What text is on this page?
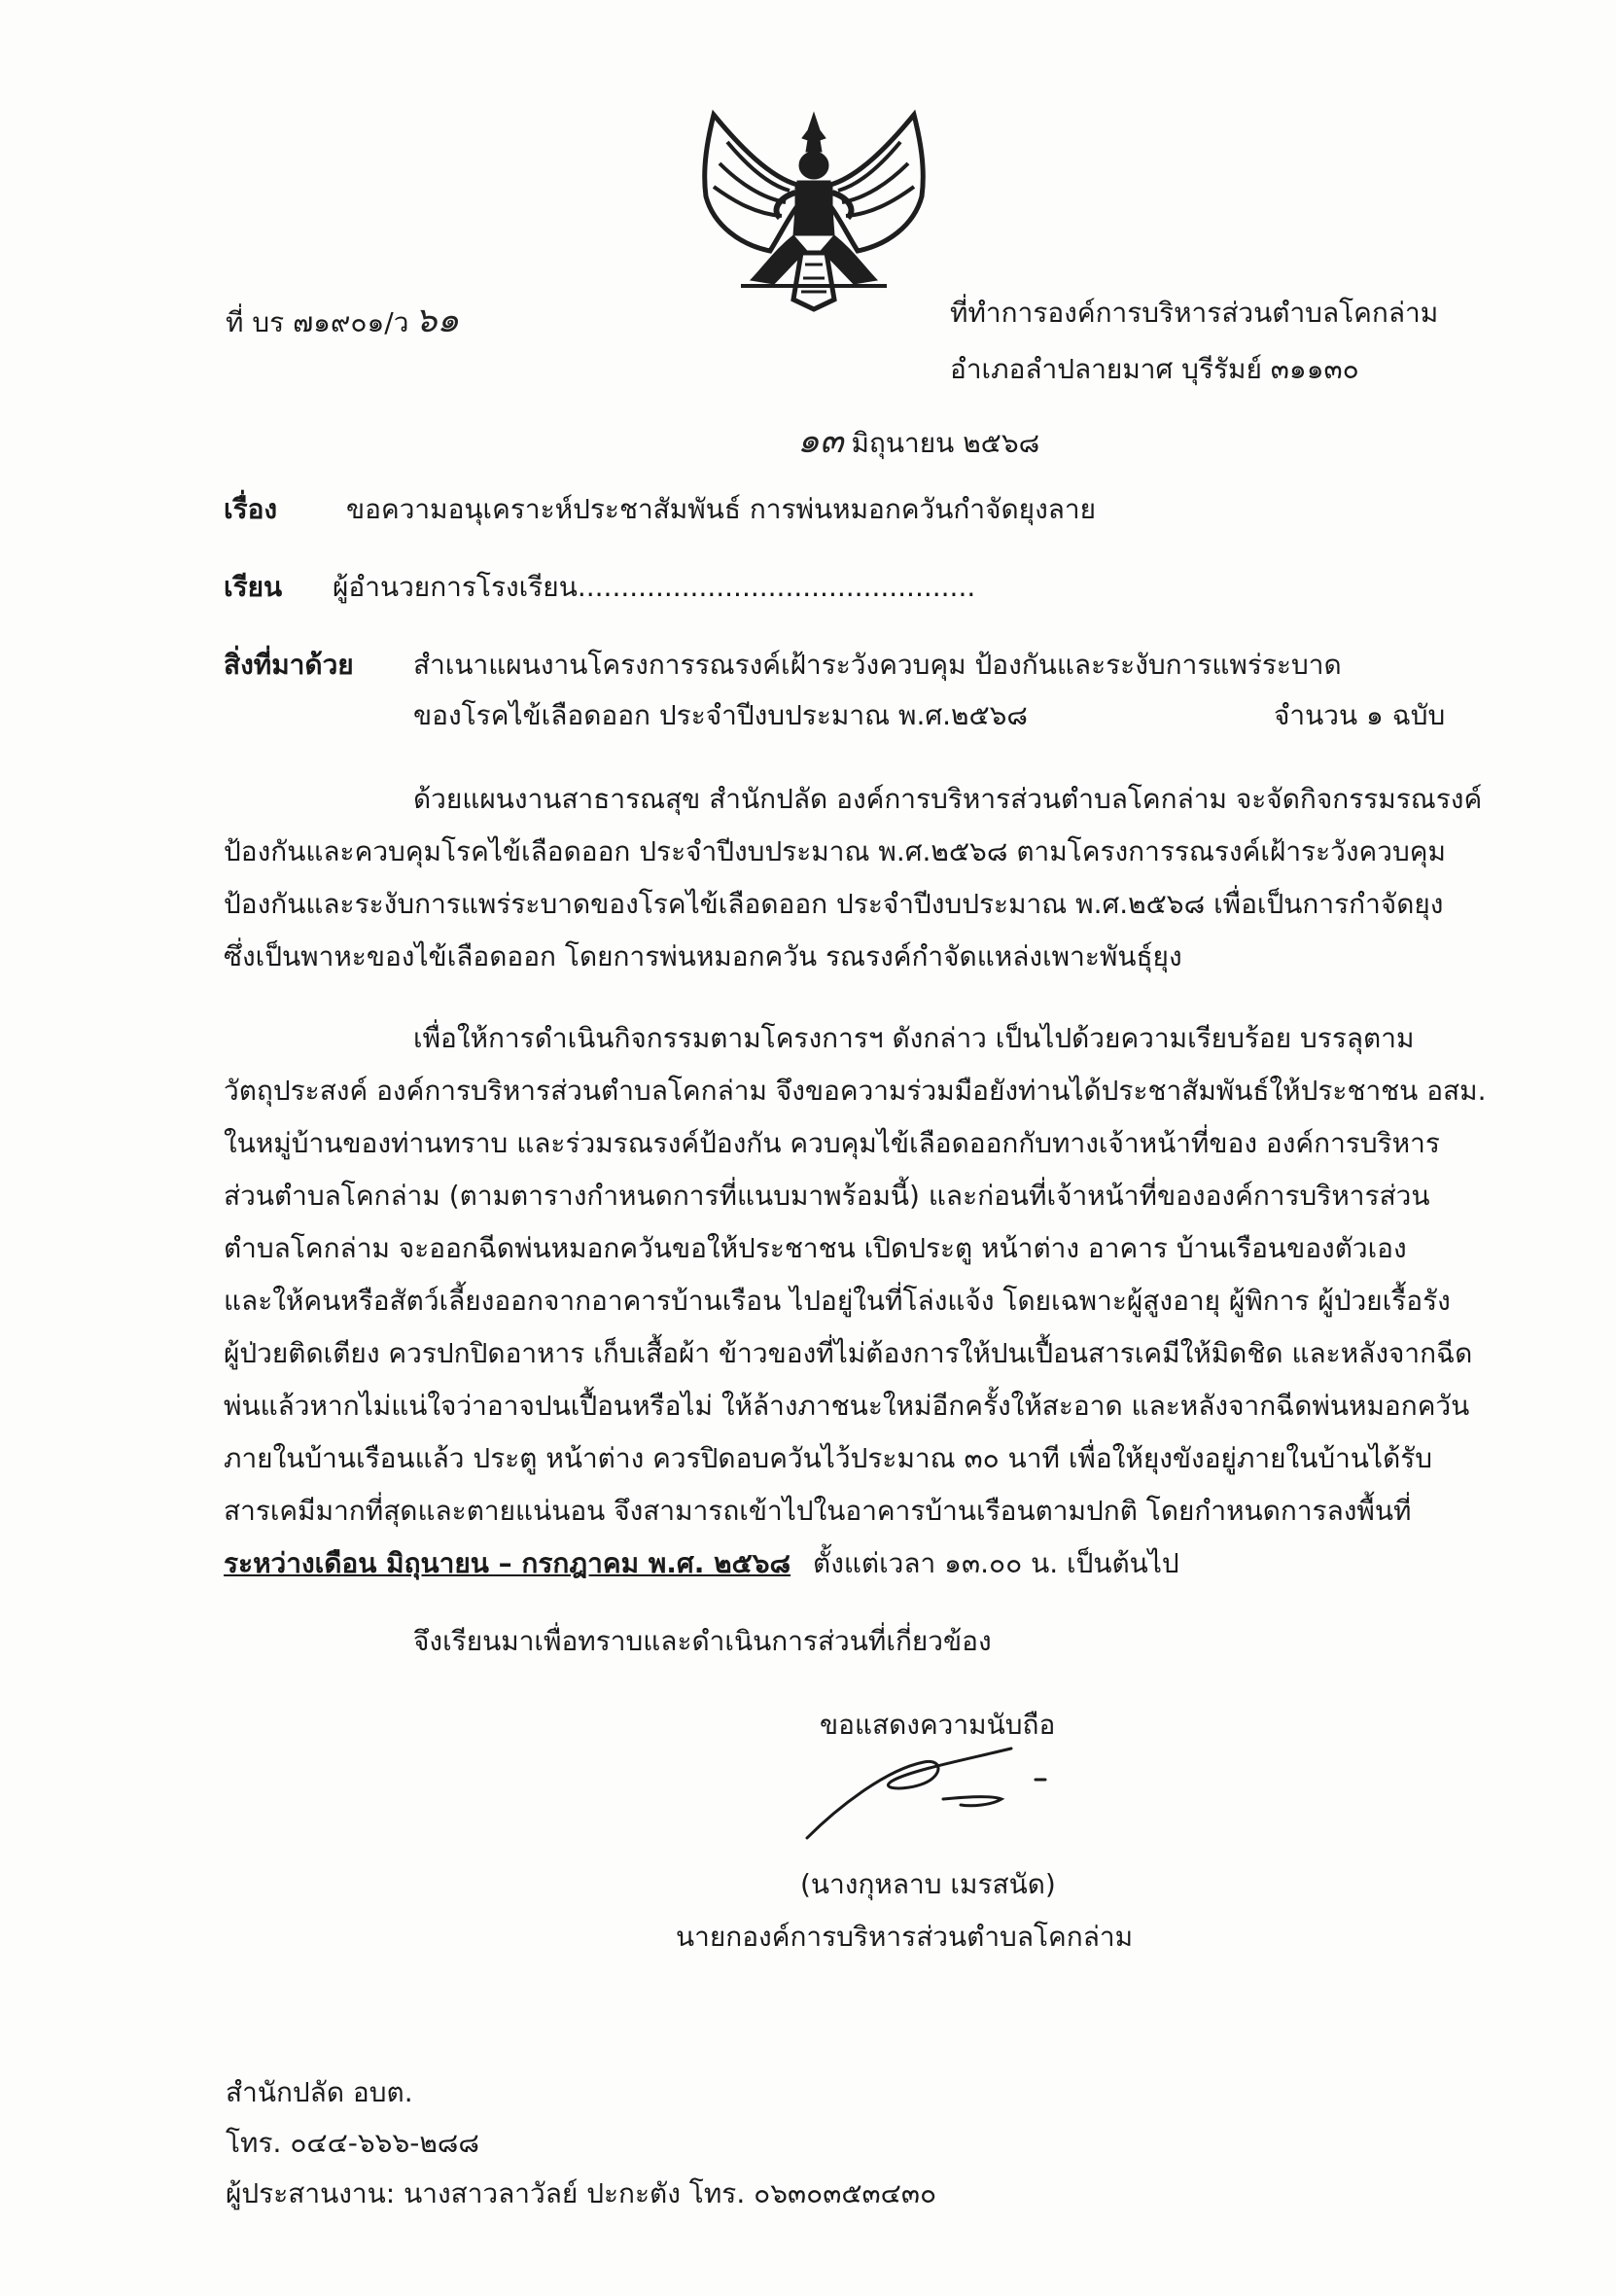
ที่ บร ๗๑๙๐๑/ว ๖๑	ที่ทำการองค์การบริหารส่วนตำบลโคกล่าม
อำเภอลำปลายมาศ บุรีรัมย์ ๓๑๑๓๐
๑๓ มิถุนายน ๒๕๖๘
เรื่อง	ขอความอนุเคราะห์ประชาสัมพันธ์ การพ่นหมอกควันกำจัดยุงลาย
เรียน ผู้อำนวยการโรงเรียน..............................................
สิ่งที่มาด้วย สำเนาแผนงานโครงการรณรงค์เฝ้าระวังควบคุม ป้องกันและระงับการแพร่ระบาด
ของโรคไข้เลือดออก ประจำปีงบประมาณ พ.ศ.๒๕๖๘	จำนวน ๑ ฉบับ
ด้วยแผนงานสาธารณสุข สำนักปลัด องค์การบริหารส่วนตำบลโคกล่าม จะจัดกิจกรรมรณรงค์
ป้องกันและควบคุมโรคไข้เลือดออก ประจำปีงบประมาณ พ.ศ.๒๕๖๘ ตามโครงการรณรงค์เฝ้าระวังควบคุม
ป้องกันและระงับการแพร่ระบาดของโรคไข้เลือดออก ประจำปีงบประมาณ พ.ศ.๒๕๖๘ เพื่อเป็นการกำจัดยุง
ซึ่งเป็นพาหะของไข้เลือดออก โดยการพ่นหมอกควัน รณรงค์กำจัดแหล่งเพาะพันธุ์ยุง
เพื่อให้การดำเนินกิจกรรมตามโครงการฯ ดังกล่าว เป็นไปด้วยความเรียบร้อย บรรลุตาม
วัตถุประสงค์ องค์การบริหารส่วนตำบลโคกล่าม จึงขอความร่วมมือยังท่านได้ประชาสัมพันธ์ให้ประชาชน อสม.
ในหมู่บ้านของท่านทราบ และร่วมรณรงค์ป้องกัน ควบคุมไข้เลือดออกกับทางเจ้าหน้าที่ของ องค์การบริหาร
ส่วนตำบลโคกล่าม (ตามตารางกำหนดการที่แนบมาพร้อมนี้) และก่อนที่เจ้าหน้าที่ขององค์การบริหารส่วน
ตำบลโคกล่าม จะออกฉีดพ่นหมอกควันขอให้ประชาชน เปิดประตู หน้าต่าง อาคาร บ้านเรือนของตัวเอง
และให้คนหรือสัตว์เลี้ยงออกจากอาคารบ้านเรือน ไปอยู่ในที่โล่งแจ้ง โดยเฉพาะผู้สูงอายุ ผู้พิการ ผู้ป่วยเรื้อรัง
ผู้ป่วยติดเตียง ควรปกปิดอาหาร เก็บเสื้อผ้า ข้าวของที่ไม่ต้องการให้ปนเปื้อนสารเคมีให้มิดชิด และหลังจากฉีด
พ่นแล้วหากไม่แน่ใจว่าอาจปนเปื้อนหรือไม่ ให้ล้างภาชนะใหม่อีกครั้งให้สะอาด และหลังจากฉีดพ่นหมอกควัน
ภายในบ้านเรือนแล้ว ประตู หน้าต่าง ควรปิดอบควันไว้ประมาณ ๓๐ นาที เพื่อให้ยุงขังอยู่ภายในบ้านได้รับ
สารเคมีมากที่สุดและตายแน่นอน จึงสามารถเข้าไปในอาคารบ้านเรือนตามปกติ โดยกำหนดการลงพื้นที่
ระหว่างเดือน มิถุนายน – กรกฎาคม พ.ศ. ๒๕๖๘ ตั้งแต่เวลา ๑๓.๐๐ น. เป็นต้นไป
จึงเรียนมาเพื่อทราบและดำเนินการส่วนที่เกี่ยวข้อง
ขอแสดงความนับถือ
(นางกุหลาบ เมรสนัด)
นายกองค์การบริหารส่วนตำบลโคกล่าม
สำนักปลัด อบต.
โทร. ๐๔๔-๖๖๖-๒๘๘
ผู้ประสานงาน: นางสาวลาวัลย์ ปะกะตัง โทร. ๐๖๓๐๓๕๓๔๓๐
